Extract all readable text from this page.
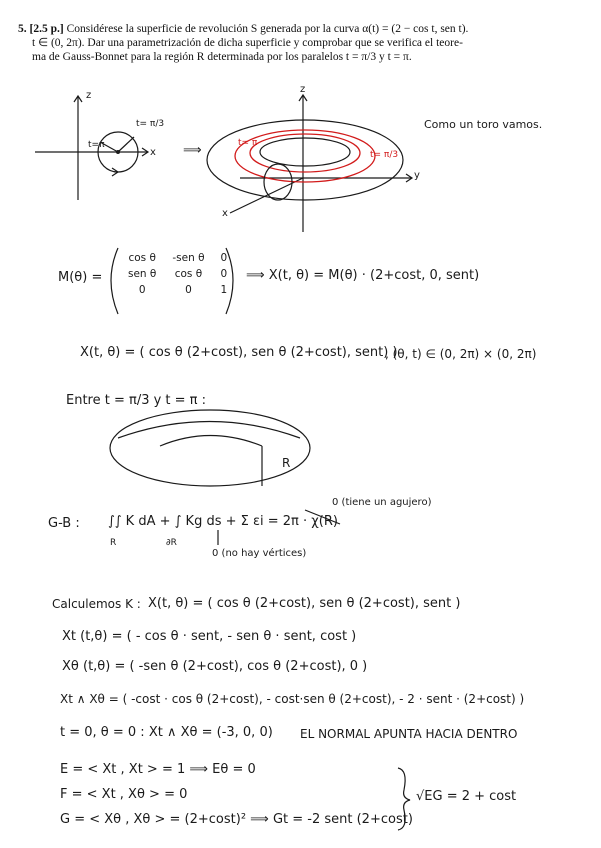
5. [2.5 p.] Considérese la superficie de revolución S generada por la curva α(t) = (2 − cos t, sen t).
t ∈ (0, 2π). Dar una parametrización de dicha superficie y comprobar que se verifica el teore-
ma de Gauss-Bonnet para la región R determinada por los paralelos t = π/3 y t = π.
z
x
t= π/3
t=π	⟹
z
y
x
t= π
t= π/3
Como un toro vamos.
M(θ) =
cos θ	-sen θ	0
sen θ	cos θ	0
0	0	1
⟹ X(t, θ) = M(θ) · (2+cost, 0, sent)
X(t, θ) = ( cos θ (2+cost), sen θ (2+cost), sent) )
, (θ, t) ∈ (0, 2π) × (0, 2π)
Entre t = π/3 y t = π :
R
G-B : ∫∫ K dA + ∫ Kg ds + Σ εi = 2π · χ(R)
R	∂R
0 (tiene un agujero)
0 (no hay vértices)
Calculemos K : X(t, θ) = ( cos θ (2+cost), sen θ (2+cost), sent )
Xt (t,θ) = ( - cos θ · sent, - sen θ · sent, cost )
Xθ (t,θ) = ( -sen θ (2+cost), cos θ (2+cost), 0 )
Xt ∧ Xθ = ( -cost · cos θ (2+cost), - cost·sen θ (2+cost), - 2 · sent · (2+cost) )
t = 0, θ = 0 : Xt ∧ Xθ = (-3, 0, 0) EL NORMAL APUNTA HACIA DENTRO
E = < Xt , Xt > = 1 ⟹ Eθ = 0
F = < Xt , Xθ > = 0
G = < Xθ , Xθ > = (2+cost)² ⟹ Gt = -2 sent (2+cost)
√EG = 2 + cost
